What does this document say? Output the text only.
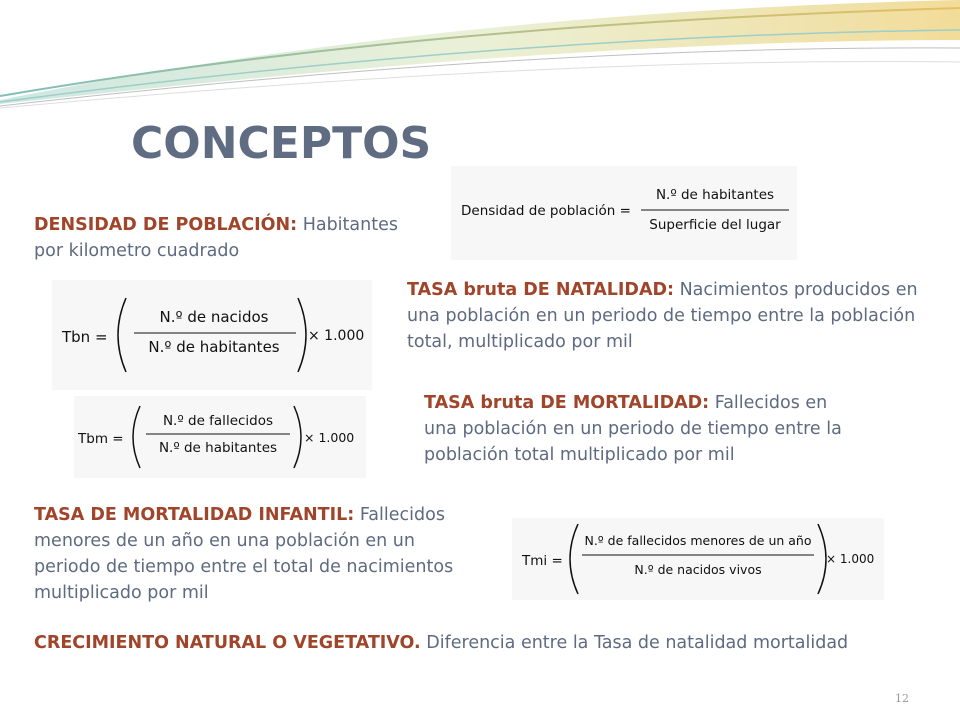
CONCEPTOS
DENSIDAD DE POBLACIÓN: Habitantes por kilometro cuadrado
Densidad de población =
N.º de habitantes
Superficie del lugar
TASA bruta DE NATALIDAD: Nacimientos producidos en una población en un periodo de tiempo entre la población total, multiplicado por mil
Tbn =
N.º de nacidos
N.º de habitantes
× 1.000
TASA bruta DE MORTALIDAD: Fallecidos en una población en un periodo de tiempo entre la población total multiplicado por mil
Tbm =
N.º de fallecidos
N.º de habitantes
× 1.000
TASA DE MORTALIDAD INFANTIL: Fallecidos menores de un año en una población en un periodo de tiempo entre el total de nacimientos multiplicado por mil
Tmi =
N.º de fallecidos menores de un año
N.º de nacidos vivos
× 1.000
CRECIMIENTO NATURAL O VEGETATIVO. Diferencia entre la Tasa de natalidad mortalidad
12
